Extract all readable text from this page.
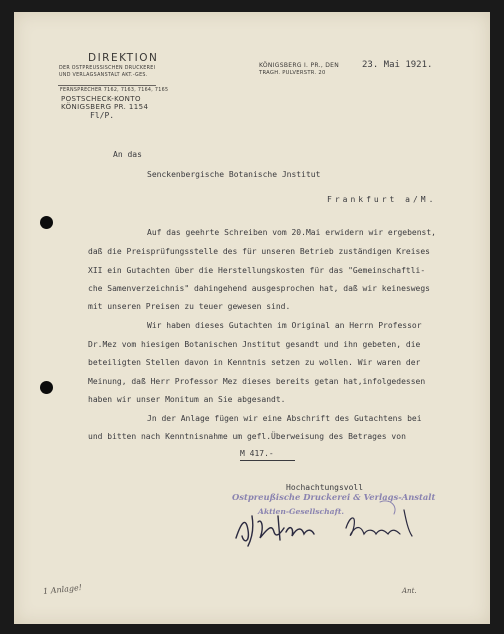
DIREKTION
DER OSTPREUSSISCHEN DRUCKEREI
UND VERLAGSANSTALT AKT.-GES.
FERNSPRECHER 7162, 7163, 7164, 7165
POSTSCHECK-KONTO
KÖNIGSBERG PR. 1154
KÖNIGSBERG I. PR., DEN
TRAGH. PULVERSTR. 20
23. Mai 1921.
Fl/P.
An das
Senckenbergische Botanische Jnstitut
Frankfurt a/M.
Auf das geehrte Schreiben vom 20.Mai erwidern wir ergebenst,
daß die Preisprüfungsstelle des für unseren Betrieb zuständigen Kreises
XII ein Gutachten über die Herstellungskosten für das "Gemeinschaftli-
che Samenverzeichnis" dahingehend ausgesprochen hat, daß wir keineswegs
mit unseren Preisen zu teuer gewesen sind.
Wir haben dieses Gutachten im Original an Herrn Professor
Dr.Mez vom hiesigen Botanischen Jnstitut gesandt und ihn gebeten, die
beteiligten Stellen davon in Kenntnis setzen zu wollen. Wir waren der
Meinung, daß Herr Professor Mez dieses bereits getan hat,infolgedessen
haben wir unser Monitum an Sie abgesandt.
Jn der Anlage fügen wir eine Abschrift des Gutachtens bei
und bitten nach Kenntnisnahme um gefl.Überweisung des Betrages von
M 417.-
Hochachtungsvoll
Ostpreußische Druckerei & Verlags-Anstalt
Aktien-Gesellschaft.
1 Anlage!	Ant.
